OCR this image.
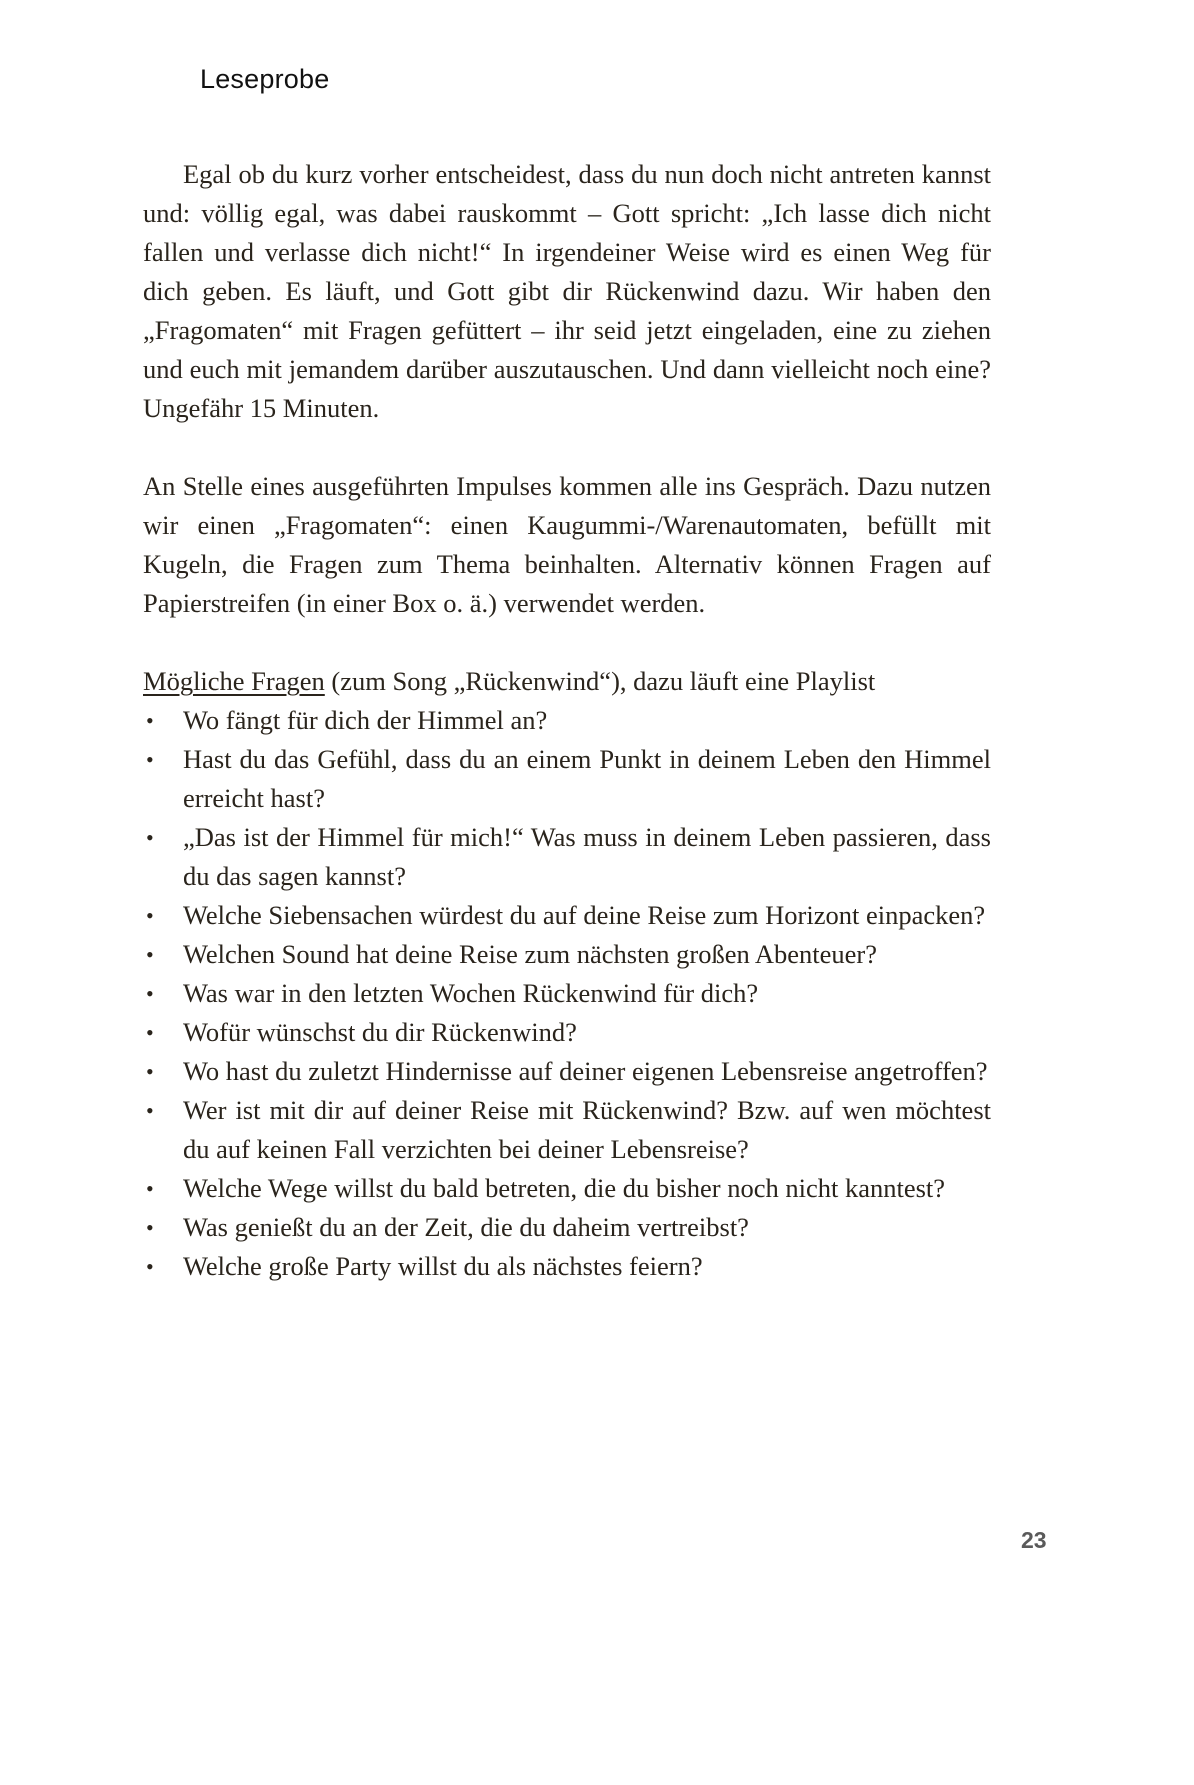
Leseprobe

Egal ob du kurz vorher entscheidest, dass du nun doch nicht antreten kannst und: völlig egal, was dabei rauskommt – Gott spricht: „Ich lasse dich nicht fallen und verlasse dich nicht!“ In irgendeiner Weise wird es einen Weg für dich geben. Es läuft, und Gott gibt dir Rückenwind dazu. Wir haben den „Fragomaten“ mit Fragen gefüttert – ihr seid jetzt eingeladen, eine zu ziehen und euch mit jemandem darüber auszutauschen. Und dann vielleicht noch eine? Ungefähr 15 Minuten.

An Stelle eines ausgeführten Impulses kommen alle ins Gespräch. Dazu nutzen wir einen „Fragomaten“: einen Kaugummi-/Warenautomaten, befüllt mit Kugeln, die Fragen zum Thema beinhalten. Alternativ können Fragen auf Papierstreifen (in einer Box o. ä.) verwendet werden.

Mögliche Fragen (zum Song „Rückenwind“), dazu läuft eine Playlist

• Wo fängt für dich der Himmel an?
• Hast du das Gefühl, dass du an einem Punkt in deinem Leben den Himmel erreicht hast?
• „Das ist der Himmel für mich!“ Was muss in deinem Leben passieren, dass du das sagen kannst?
• Welche Siebensachen würdest du auf deine Reise zum Horizont einpacken?
• Welchen Sound hat deine Reise zum nächsten großen Abenteuer?
• Was war in den letzten Wochen Rückenwind für dich?
• Wofür wünschst du dir Rückenwind?
• Wo hast du zuletzt Hindernisse auf deiner eigenen Lebensreise angetroffen?
• Wer ist mit dir auf deiner Reise mit Rückenwind? Bzw. auf wen möchtest du auf keinen Fall verzichten bei deiner Lebensreise?
• Welche Wege willst du bald betreten, die du bisher noch nicht kanntest?
• Was genießt du an der Zeit, die du daheim vertreibst?
• Welche große Party willst du als nächstes feiern?
23
